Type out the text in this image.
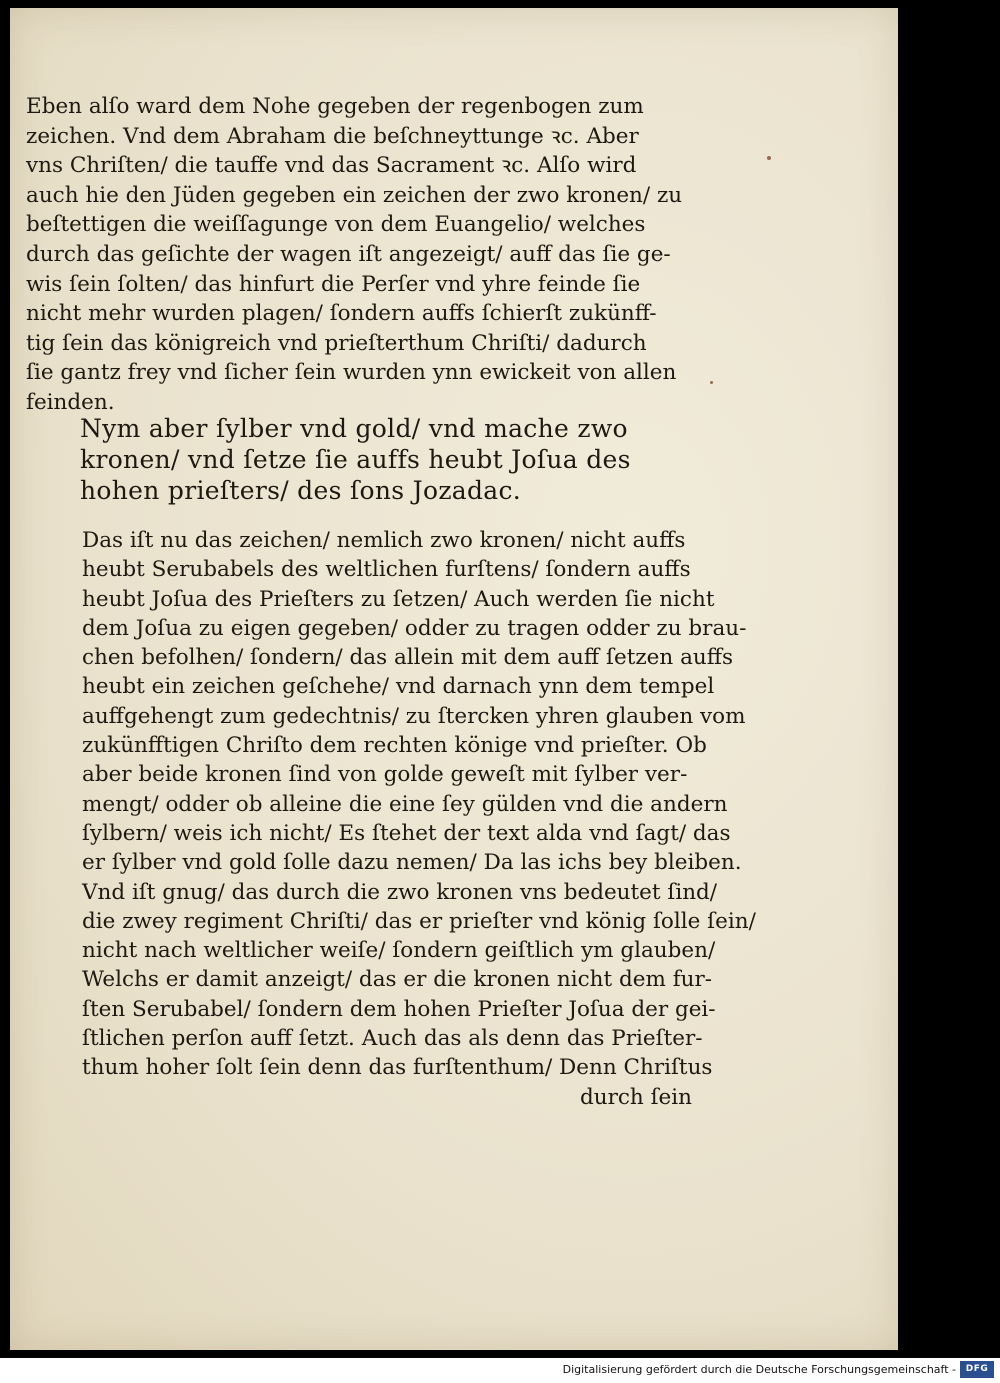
Eben alſo ward dem Nohe gegeben der regenbogen zum
zeichen. Vnd dem Abraham die beſchneyttunge ꝛc. Aber
vns Chriſten/ die tauffe vnd das Sacrament ꝛc. Alſo wird
auch hie den Jüden gegeben ein zeichen der zwo kronen/ zu
beſtettigen die weiſſagunge von dem Euangelio/ welches
durch das geſichte der wagen iſt angezeigt/ auff das ſie ge-
wis ſein ſolten/ das hinfurt die Perſer vnd yhre feinde ſie
nicht mehr wurden plagen/ ſondern auffs ſchierſt zukünff-
tig ſein das königreich vnd prieſterthum Chriſti/ dadurch
ſie gantz frey vnd ſicher ſein wurden ynn ewickeit von allen
feinden.
Nym aber ſylber vnd gold/ vnd mache zwo
kronen/ vnd ſetze ſie auffs heubt Joſua des
hohen prieſters/ des ſons Jozadac.
Das iſt nu das zeichen/ nemlich zwo kronen/ nicht auffs
heubt Serubabels des weltlichen furſtens/ ſondern auffs
heubt Joſua des Prieſters zu ſetzen/ Auch werden ſie nicht
dem Joſua zu eigen gegeben/ odder zu tragen odder zu brau-
chen befolhen/ ſondern/ das allein mit dem auff ſetzen auffs
heubt ein zeichen geſchehe/ vnd darnach ynn dem tempel
auffgehengt zum gedechtnis/ zu ſtercken yhren glauben vom
zukünfftigen Chriſto dem rechten könige vnd prieſter. Ob
aber beide kronen ſind von golde geweſt mit ſylber ver-
mengt/ odder ob alleine die eine ſey gülden vnd die andern
ſylbern/ weis ich nicht/ Es ſtehet der text alda vnd ſagt/ das
er ſylber vnd gold ſolle dazu nemen/ Da las ichs bey bleiben.
Vnd iſt gnug/ das durch die zwo kronen vns bedeutet ſind/
die zwey regiment Chriſti/ das er prieſter vnd könig ſolle ſein/
nicht nach weltlicher weiſe/ ſondern geiſtlich ym glauben/
Welchs er damit anzeigt/ das er die kronen nicht dem fur-
ſten Serubabel/ ſondern dem hohen Prieſter Joſua der gei-
ſtlichen perſon auff ſetzt. Auch das als denn das Prieſter-
thum hoher ſolt ſein denn das furſtenthum/ Denn Chriſtus
durch ſein
Digitalisierung gefördert durch die Deutsche Forschungsgemeinschaft -	DFG
